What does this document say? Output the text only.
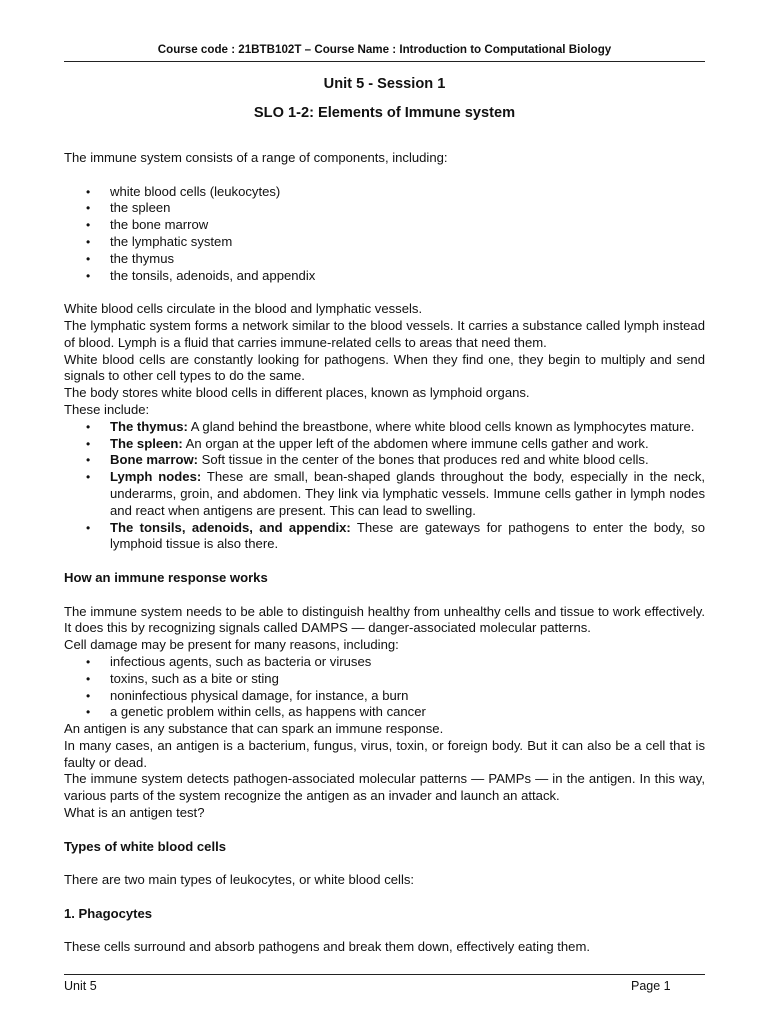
Course code : 21BTB102T – Course Name : Introduction to Computational Biology
Unit 5 - Session 1
SLO 1-2: Elements of Immune system

The immune system consists of a range of components, including:

• white blood cells (leukocytes)
• the spleen
• the bone marrow
• the lymphatic system
• the thymus
• the tonsils, adenoids, and appendix

White blood cells circulate in the blood and lymphatic vessels.

The lymphatic system forms a network similar to the blood vessels. It carries a substance called lymph instead of blood. Lymph is a fluid that carries immune-related cells to areas that need them.

White blood cells are constantly looking for pathogens. When they find one, they begin to multiply and send signals to other cell types to do the same.

The body stores white blood cells in different places, known as lymphoid organs.

These include:

• The thymus: A gland behind the breastbone, where white blood cells known as lymphocytes mature.
• The spleen: An organ at the upper left of the abdomen where immune cells gather and work.
• Bone marrow: Soft tissue in the center of the bones that produces red and white blood cells.
• Lymph nodes: These are small, bean-shaped glands throughout the body, especially in the neck, underarms, groin, and abdomen. They link via lymphatic vessels. Immune cells gather in lymph nodes and react when antigens are present. This can lead to swelling.
• The tonsils, adenoids, and appendix: These are gateways for pathogens to enter the body, so lymphoid tissue is also there.
How an immune response works

The immune system needs to be able to distinguish healthy from unhealthy cells and tissue to work effectively. It does this by recognizing signals called DAMPS — danger-associated molecular patterns.

Cell damage may be present for many reasons, including:

• infectious agents, such as bacteria or viruses
• toxins, such as a bite or sting
• noninfectious physical damage, for instance, a burn
• a genetic problem within cells, as happens with cancer

An antigen is any substance that can spark an immune response.

In many cases, an antigen is a bacterium, fungus, virus, toxin, or foreign body. But it can also be a cell that is faulty or dead.

The immune system detects pathogen-associated molecular patterns — PAMPs — in the antigen. In this way, various parts of the system recognize the antigen as an invader and launch an attack.

What is an antigen test?

Types of white blood cells

There are two main types of leukocytes, or white blood cells:

1. Phagocytes

These cells surround and absorb pathogens and break them down, effectively eating them.

Unit 5	Page 1
